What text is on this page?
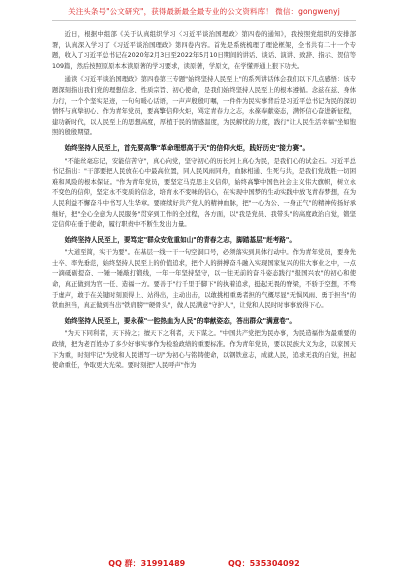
关注头条号"公文研究"，获得最新最全最专业的公文资料库！ 微信：gongwenyj

近日，根据中组部《关于认真组织学习〈习近平谈治国理政〉第四卷的通知》，我按照党组织的安排部署，认真深入学习了《习近平谈治国理政》第四卷内容。首先是系统梳理了理论框架，全书共有二十一个专题，收入了习近平总书记在2020年2月3日至2022年5月10日期间的讲话、谈话、演讲、致辞、指示、贺信等109篇，然后按照原原本本读原著的学习要求，读原著，学原文，在学懂弄通上狠下功夫。

通读《习近平谈治国理政》第四卷第三专题"始终坚持人民至上"的系列讲话体会我们以下几点感悟：该专题深刻指出我们党的理想信念、性质宗旨、初心使命，是我们始终坚持人民至上的根本遵循。念兹在兹、身体力行，一个个坚实足迹，一句句暖心话语，一声声殷殷叮嘱，一件件为民实事背后是习近平总书记为民的深切情怀与真挚初心、作为青年党员，要高擎信仰火炬，骂定青春力之志，永葆奉献姿态，满怀信心奋进新征程，建功新时代，以人民至上的思想高度，厚植于民的情感温度，为民解忧的力度，践行"让人民生活幸福"坐如饱照的殷殷期望。

始终坚持人民至上，首先要高擎"革命理想高于天"的信仰火炬，践好历史"接力赛"。

"不能丝毫忘记，安能信苦守"，真心向党，坚守初心的历长河上真心为民，是我们心的试金石。习近平总书记指出："干部要把人民放在心中最高位置，同人民风雨同舟，血脉相通、生死与共，是我们党战胜一切困难和风险的根本保证。"作为青年党员，要坚定马克思主义信仰，始终高擎中国色社会主义伟大旗帜，树立永不变色的信仰，坚定永不变质的信念，培育永不变味的信心，在实现中国梦的生动实践中放飞青春梦想，在为人民利益不懈奋斗中书写人生华章。要赓续好共产党人的精神血脉，把"一心为公、一身正气"的精神传扬好承继好，把"全心全意为人民服务"贯穿到工作的全过程，各方面，以"我是党员、我带头"的高度政治自觉，锻坚定信仰在垂于使命，履行职责中不断生发出力量。

始终坚持人民至上，要笃定"群众安危重如山"的青春之志，脚踏基层"赶考路"。

"大道至简，实干为要"。在基层一线一干一句空洞口号，必须落实到具体行动中。作为青年党员，要身先士卒、率先垂范，始终坚持人民至上的价值追求，把个人的拼搏奋斗融入实现国家复兴的伟大事业之中，一点一滴砥砺提奋、一锤一锤敲打锻线，一年一年坚持坚守，以一往无前的奋斗姿态践行"报国兴农"的初心和使命，真正做到为官一任、造福一方。要善于"行千里于脚下"的执着追求，挺起无畏的脊梁，不骄于空想，不骛于虚声，敢于在关键时刻顶得上、站得出，主动出击，以敢挑相重勇者担的气概尽显"无惧风雨、勇于担当"的铁血担当，真正做到当出"铁肩膀""硬骨头"，做人民满意"守护人"，让党和人民时时事事放得下心。

始终坚持人民至上，要永葆"一腔热血为人民"的奉献姿态，答出群众"满意卷"。

"为天下同利者，天下持之；擅天下之利者，天下谋之。"中国共产党把为民办事，为民造福作为最重要的政绩，把为老百姓办了多少好事实事作为检验政绩的重要标准。作为青年党员，要以民族大义为念，以家国天下为重，时刻牢记"为党和人民谱写一切"为初心与铭铸使命，以钢铁意志，成就人民，追求无我的自觉，担起使命重任，争取更大光荣。要时刻把"人民呼声"作为

QQ 群：31991489	QQ：535304092
